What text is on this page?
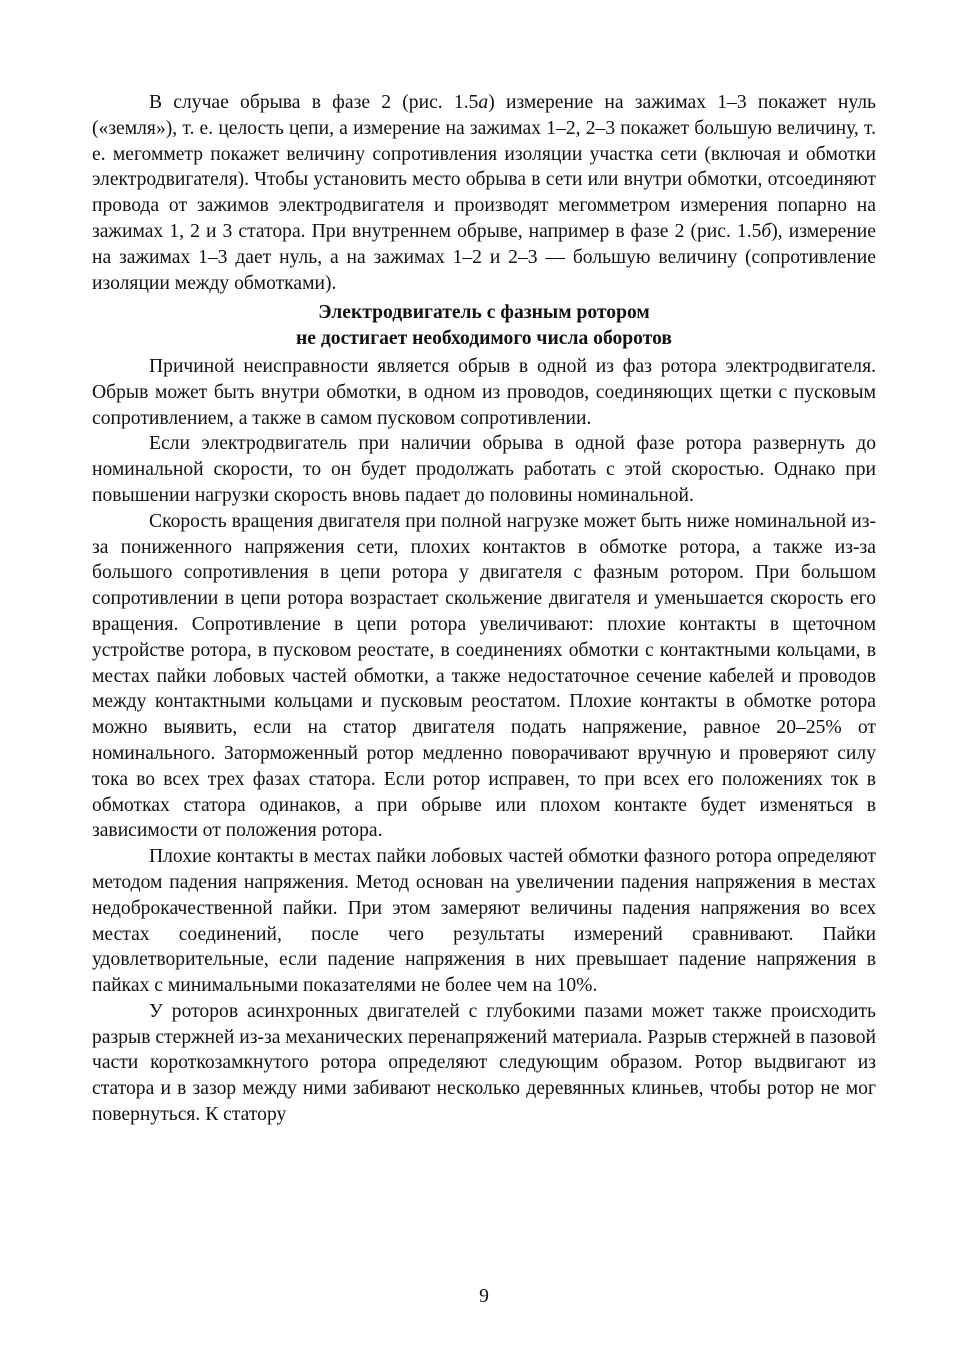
В случае обрыва в фазе 2 (рис. 1.5а) измерение на зажимах 1–3 покажет нуль («земля»), т. е. целость цепи, а измерение на зажимах 1–2, 2–3 покажет большую величину, т. е. мегомметр покажет величину сопротивления изоляции участка сети (включая и обмотки электродвигателя). Чтобы установить место обрыва в сети или внутри обмотки, отсоединяют провода от зажимов электродвигателя и производят мегомметром измерения попарно на зажимах 1, 2 и 3 статора. При внутреннем обрыве, например в фазе 2 (рис. 1.5б), измерение на зажимах 1–3 дает нуль, а на зажимах 1–2 и 2–3 — большую величину (сопротивление изоляции между обмотками).

Электродвигатель с фазным ротором
не достигает необходимого числа оборотов

Причиной неисправности является обрыв в одной из фаз ротора электродвигателя. Обрыв может быть внутри обмотки, в одном из проводов, соединяющих щетки с пусковым сопротивлением, а также в самом пусковом сопротивлении.

Если электродвигатель при наличии обрыва в одной фазе ротора развернуть до номинальной скорости, то он будет продолжать работать с этой скоростью. Однако при повышении нагрузки скорость вновь падает до половины номинальной.

Скорость вращения двигателя при полной нагрузке может быть ниже номинальной из-за пониженного напряжения сети, плохих контактов в обмотке ротора, а также из-за большого сопротивления в цепи ротора у двигателя с фазным ротором. При большом сопротивлении в цепи ротора возрастает скольжение двигателя и уменьшается скорость его вращения. Сопротивление в цепи ротора увеличивают: плохие контакты в щеточном устройстве ротора, в пусковом реостате, в соединениях обмотки с контактными кольцами, в местах пайки лобовых частей обмотки, а также недостаточное сечение кабелей и проводов между контактными кольцами и пусковым реостатом. Плохие контакты в обмотке ротора можно выявить, если на статор двигателя подать напряжение, равное 20–25% от номинального. Заторможенный ротор медленно поворачивают вручную и проверяют силу тока во всех трех фазах статора. Если ротор исправен, то при всех его положениях ток в обмотках статора одинаков, а при обрыве или плохом контакте будет изменяться в зависимости от положения ротора.

Плохие контакты в местах пайки лобовых частей обмотки фазного ротора определяют методом падения напряжения. Метод основан на увеличении падения напряжения в местах недоброкачественной пайки. При этом замеряют величины падения напряжения во всех местах соединений, после чего результаты измерений сравнивают. Пайки удовлетворительные, если падение напряжения в них превышает падение напряжения в пайках с минимальными показателями не более чем на 10%.

У роторов асинхронных двигателей с глубокими пазами может также происходить разрыв стержней из-за механических перенапряжений материала. Разрыв стержней в пазовой части короткозамкнутого ротора определяют следующим образом. Ротор выдвигают из статора и в зазор между ними забивают несколько деревянных клиньев, чтобы ротор не мог повернуться. К статору

9
